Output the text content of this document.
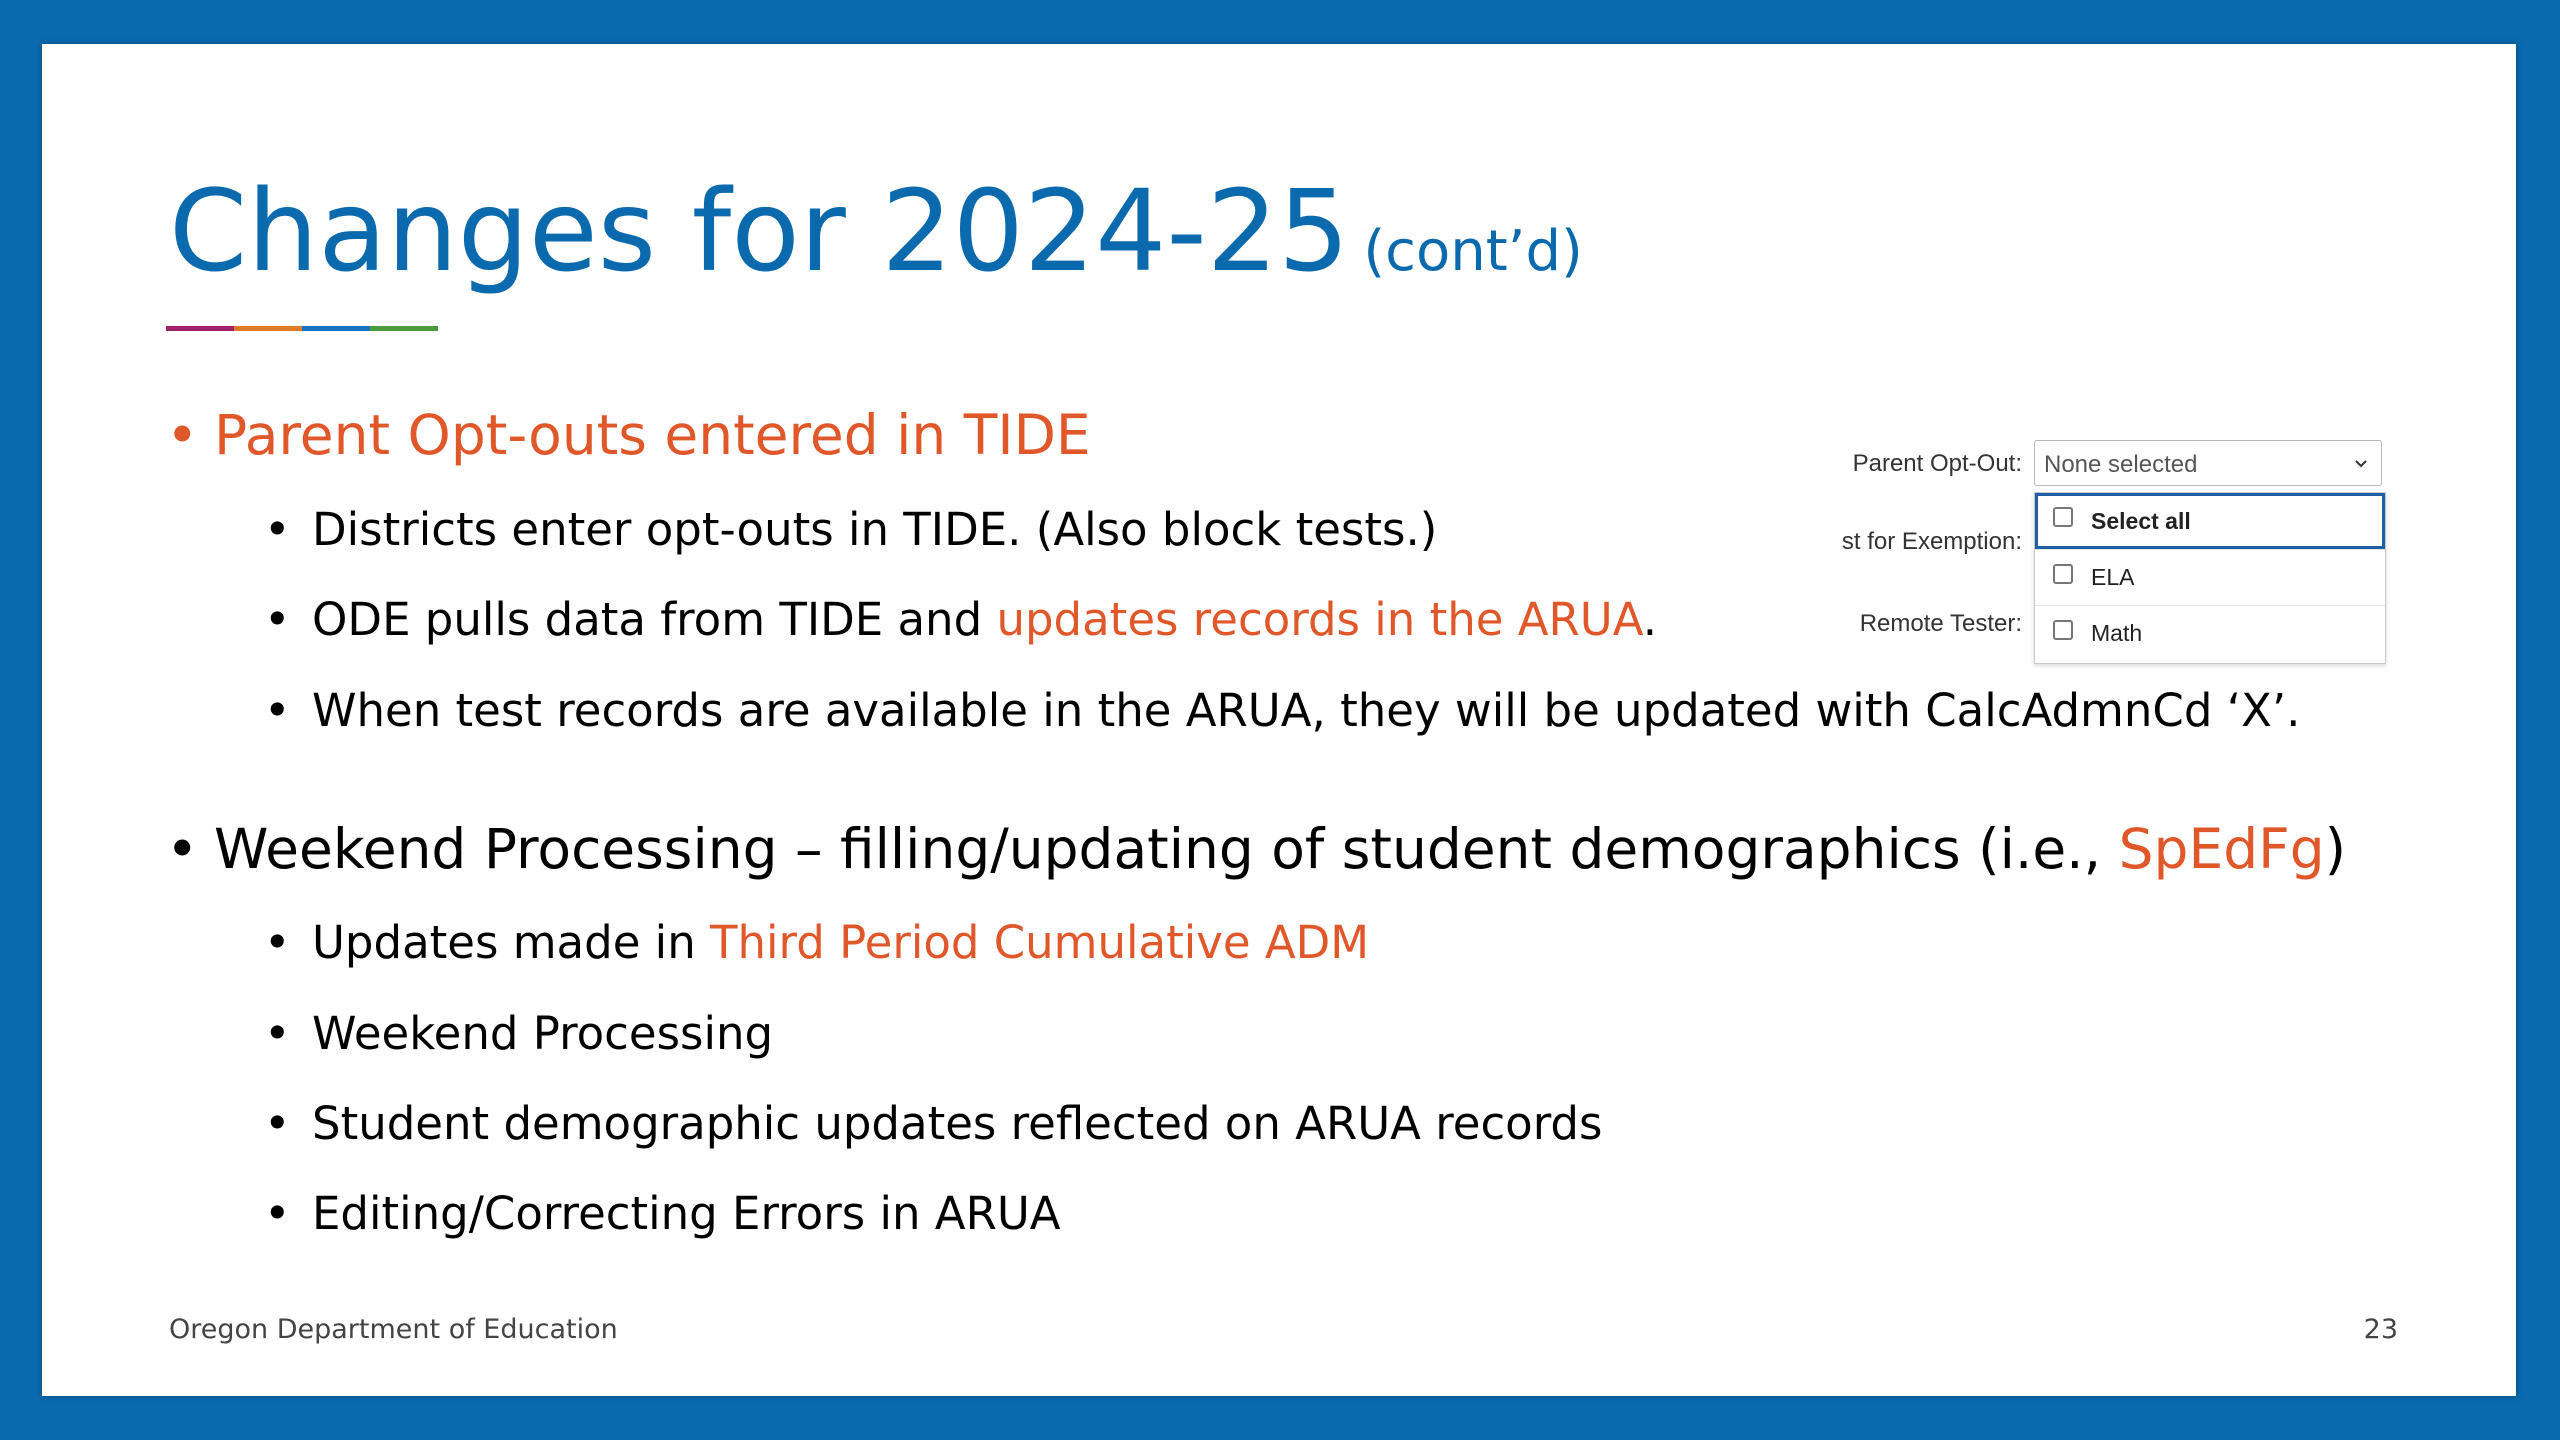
Changes for 2024-25 (cont’d)
• Parent Opt-outs entered in TIDE
• Districts enter opt-outs in TIDE. (Also block tests.)
• ODE pulls data from TIDE and updates records in the ARUA.
• When test records are available in the ARUA, they will be updated with CalcAdmnCd ‘X’.
• Weekend Processing – filling/updating of student demographics (i.e., SpEdFg)
• Updates made in Third Period Cumulative ADM
• Weekend Processing
• Student demographic updates reflected on ARUA records
• Editing/Correcting Errors in ARUA
Parent Opt-Out:
st for Exemption:
Remote Tester:
None selected
Select all
ELA
Math
Oregon Department of Education	23
